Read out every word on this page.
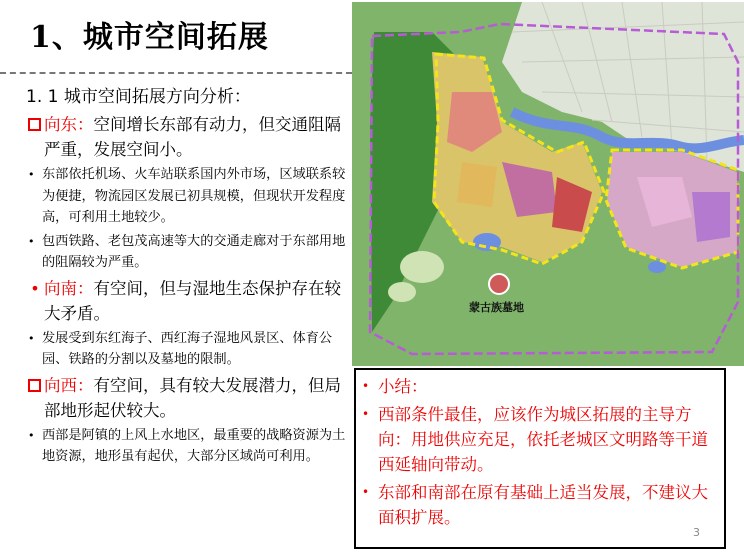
1、城市空间拓展
1. 1 城市空间拓展方向分析：
向东：空间增长东部有动力，但交通阻隔严重，发展空间小。
• 东部依托机场、火车站联系国内外市场，区域联系较为便捷，物流园区发展已初具规模，但现状开发程度高，可利用土地较少。
• 包西铁路、老包茂高速等大的交通走廊对于东部用地的阻隔较为严重。
• 向南：有空间，但与湿地生态保护存在较大矛盾。
• 发展受到东红海子、西红海子湿地风景区、体育公园、铁路的分割以及墓地的限制。
向西：有空间，具有较大发展潜力，但局部地形起伏较大。
• 西部是阿镇的上风上水地区，最重要的战略资源为土地资源，地形虽有起伏，大部分区域尚可利用。
蒙古族墓地
• 小结：
• 西部条件最佳，应该作为城区拓展的主导方向：用地供应充足，依托老城区文明路等干道西延轴向带动。
• 东部和南部在原有基础上适当发展，不建议大面积扩展。
3
